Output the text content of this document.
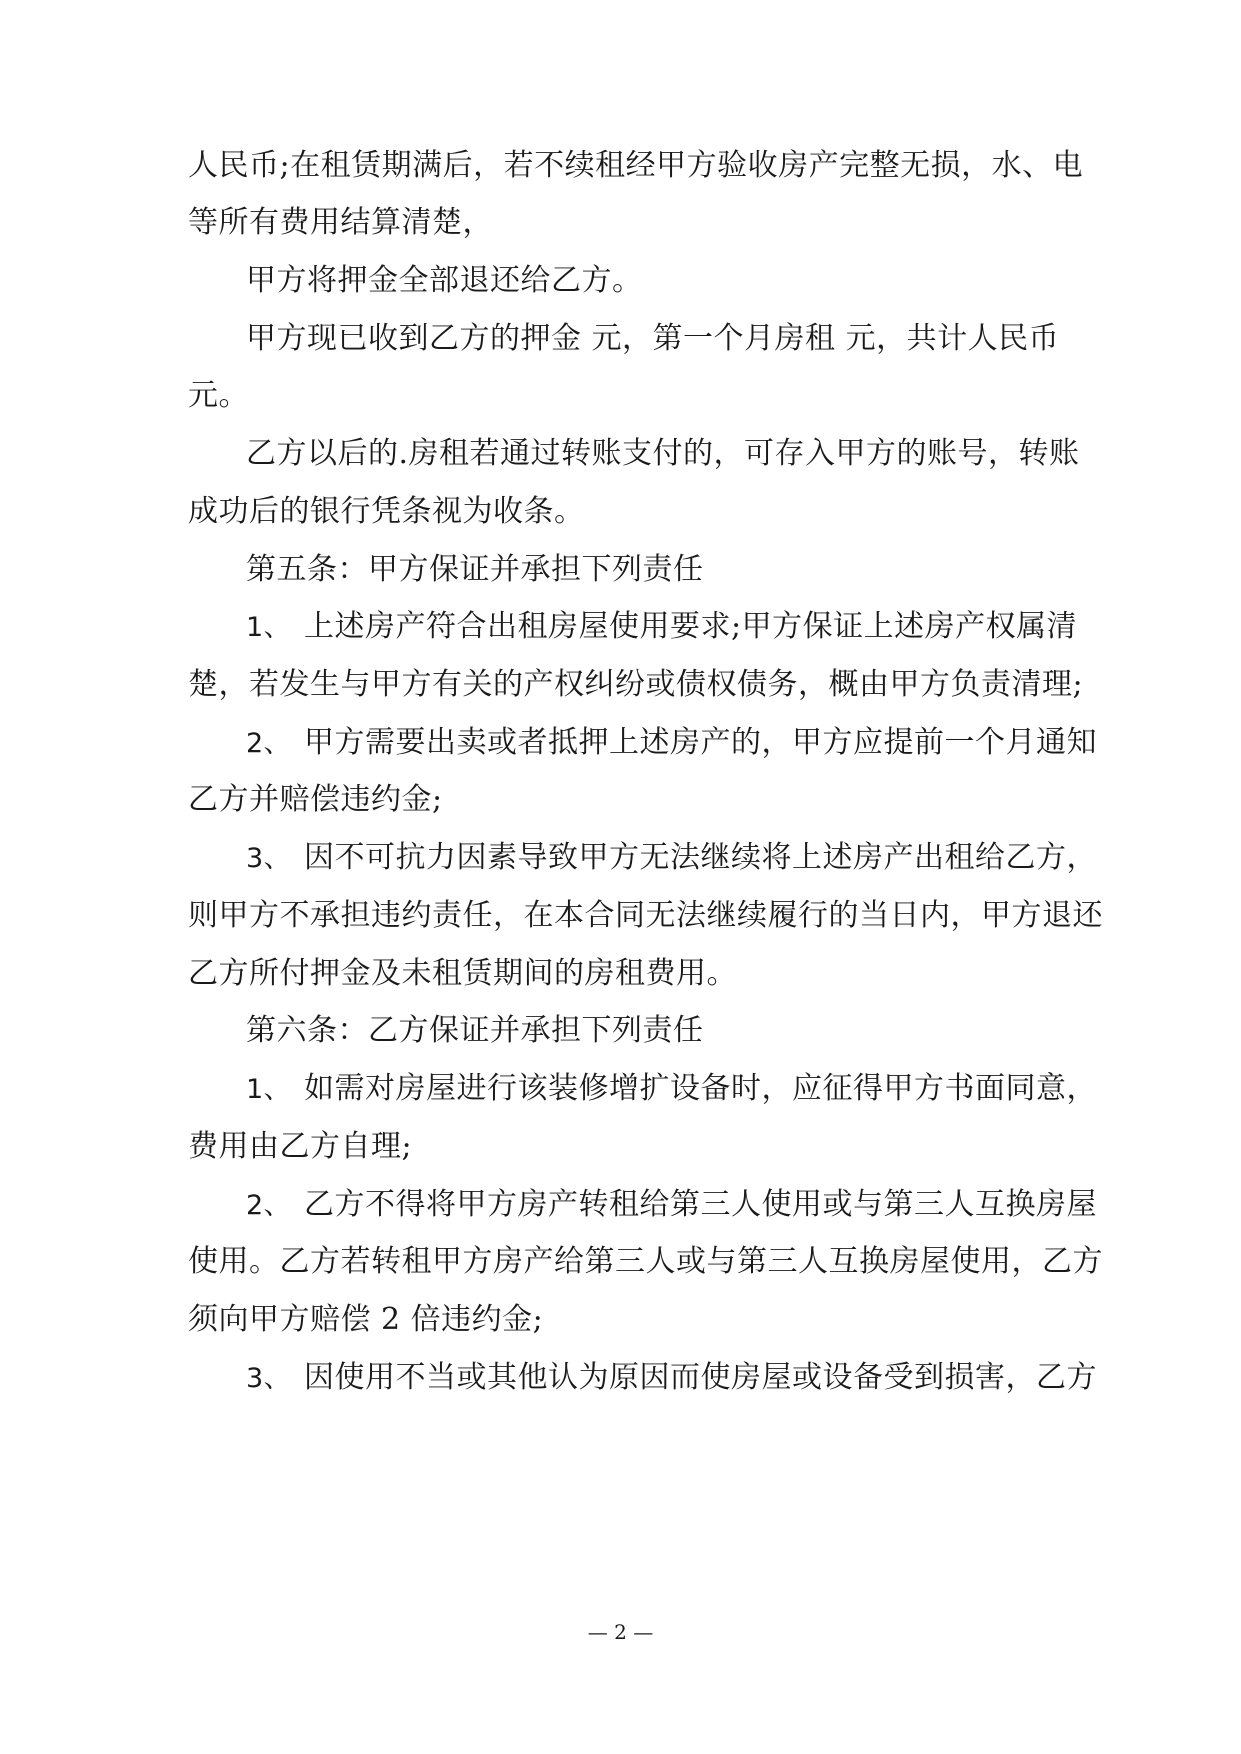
人民币;在租赁期满后，若不续租经甲方验收房产完整无损，水、电
等所有费用结算清楚，
甲方将押金全部退还给乙方。
甲方现已收到乙方的押金 元，第一个月房租 元，共计人民币
元。
乙方以后的.房租若通过转账支付的，可存入甲方的账号，转账
成功后的银行凭条视为收条。
第五条：甲方保证并承担下列责任
1、 上述房产符合出租房屋使用要求;甲方保证上述房产权属清
楚，若发生与甲方有关的产权纠纷或债权债务，概由甲方负责清理;
2、 甲方需要出卖或者抵押上述房产的，甲方应提前一个月通知
乙方并赔偿违约金;
3、 因不可抗力因素导致甲方无法继续将上述房产出租给乙方，
则甲方不承担违约责任，在本合同无法继续履行的当日内，甲方退还
乙方所付押金及未租赁期间的房租费用。
第六条：乙方保证并承担下列责任
1、 如需对房屋进行该装修增扩设备时，应征得甲方书面同意，
费用由乙方自理;
2、 乙方不得将甲方房产转租给第三人使用或与第三人互换房屋
使用。乙方若转租甲方房产给第三人或与第三人互换房屋使用，乙方
须向甲方赔偿 2 倍违约金;
3、 因使用不当或其他认为原因而使房屋或设备受到损害，乙方
— 2 —
